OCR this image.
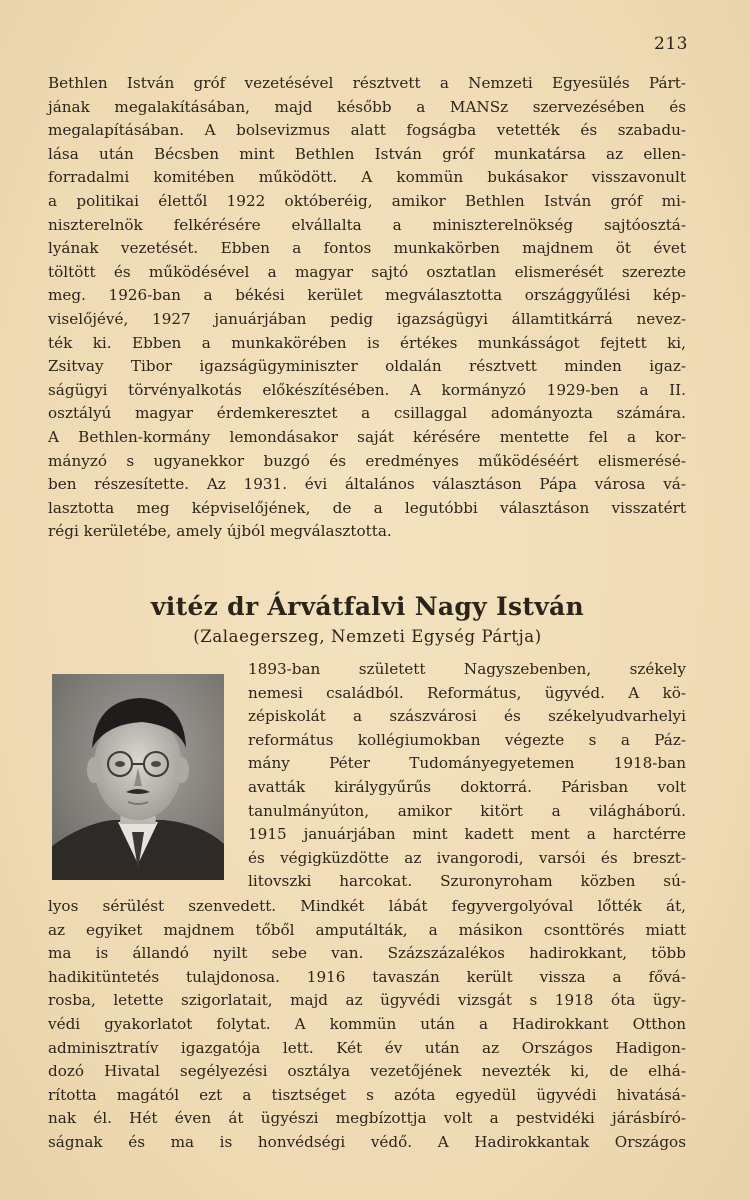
213
Bethlen István gróf vezetésével résztvett a Nemzeti Egyesülés Párt-
jának megalakításában, majd később a MANSz szervezésében és
megalapításában. A bolsevizmus alatt fogságba vetették és szabadu-
lása után Bécsben mint Bethlen István gróf munkatársa az ellen-
forradalmi komitében működött. A kommün bukásakor visszavonult
a politikai élettől 1922 októberéig, amikor Bethlen István gróf mi-
niszterelnök felkérésére elvállalta a miniszterelnökség sajtóosztá-
lyának vezetését. Ebben a fontos munkakörben majdnem öt évet
töltött és működésével a magyar sajtó osztatlan elismerését szerezte
meg. 1926-ban a békési kerület megválasztotta országgyűlési kép-
viselőjévé, 1927 januárjában pedig igazságügyi államtitkárrá nevez-
ték ki. Ebben a munkakörében is értékes munkásságot fejtett ki,
Zsitvay Tibor igazságügyminiszter oldalán résztvett minden igaz-
ságügyi törvényalkotás előkészítésében. A kormányzó 1929-ben a II.
osztályú magyar érdemkeresztet a csillaggal adományozta számára.
A Bethlen-kormány lemondásakor saját kérésére mentette fel a kor-
mányzó s ugyanekkor buzgó és eredményes működéséért elismerésé-
ben részesítette. Az 1931. évi általános választáson Pápa városa vá-
lasztotta meg képviselőjének, de a legutóbbi választáson visszatért
régi kerületébe, amely újból megválasztotta.
vitéz dr Árvátfalvi Nagy István
(Zalaegerszeg, Nemzeti Egység Pártja)
1893-ban született Nagyszebenben, székely
nemesi családból. Református, ügyvéd. A kö-
zépiskolát a szászvárosi és székelyudvarhelyi
református kollégiumokban végezte s a Páz-
mány Péter Tudományegyetemen 1918-ban
avatták királygyűrűs doktorrá. Párisban volt
tanulmányúton, amikor kitört a világháború.
1915 januárjában mint kadett ment a harctérre
és végigküzdötte az ivangorodi, varsói és breszt-
litovszki harcokat. Szuronyroham közben sú-
lyos sérülést szenvedett. Mindkét lábát fegyvergolyóval lőtték át,
az egyiket majdnem tőből amputálták, a másikon csonttörés miatt
ma is állandó nyilt sebe van. Százszázalékos hadirokkant, több
hadikitüntetés tulajdonosa. 1916 tavaszán került vissza a fővá-
rosba, letette szigorlatait, majd az ügyvédi vizsgát s 1918 óta ügy-
védi gyakorlatot folytat. A kommün után a Hadirokkant Otthon
adminisztratív igazgatója lett. Két év után az Országos Hadigon-
dozó Hivatal segélyezési osztálya vezetőjének nevezték ki, de elhá-
rította magától ezt a tisztséget s azóta egyedül ügyvédi hivatásá-
nak él. Hét éven át ügyészi megbízottja volt a pestvidéki járásbíró-
ságnak és ma is honvédségi védő. A Hadirokkantak Országos
